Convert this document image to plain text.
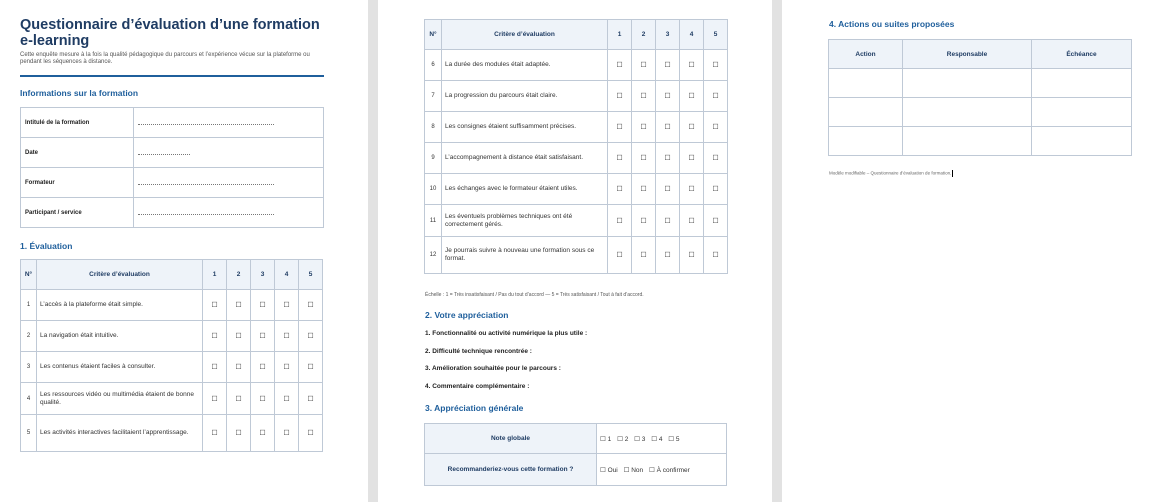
Questionnaire d’évaluation d’une formation e-learning
Cette enquête mesure à la fois la qualité pédagogique du parcours et l’expérience vécue sur la plateforme ou pendant les séquences à distance.
Informations sur la formation
Intitulé de la formation	

Date	

Formateur	

Participant / service	
1. Évaluation
N°	Critère d’évaluation	1	2	3	4	5
1	L’accès à la plateforme était simple.	☐	☐	☐	☐	☐
2	La navigation était intuitive.	☐	☐	☐	☐	☐
3	Les contenus étaient faciles à consulter.	☐	☐	☐	☐	☐
4	Les ressources vidéo ou multimédia étaient de bonne qualité.	☐	☐	☐	☐	☐
5	Les activités interactives facilitaient l’apprentissage.	☐	☐	☐	☐	☐
N°	Critère d’évaluation	1	2	3	4	5
6	La durée des modules était adaptée.	☐	☐	☐	☐	☐
7	La progression du parcours était claire.	☐	☐	☐	☐	☐
8	Les consignes étaient suffisamment précises.	☐	☐	☐	☐	☐
9	L’accompagnement à distance était satisfaisant.	☐	☐	☐	☐	☐
10	Les échanges avec le formateur étaient utiles.	☐	☐	☐	☐	☐
11	Les éventuels problèmes techniques ont été correctement gérés.	☐	☐	☐	☐	☐
12	Je pourrais suivre à nouveau une formation sous ce format.	☐	☐	☐	☐	☐
Échelle : 1 = Très insatisfaisant / Pas du tout d’accord — 5 = Très satisfaisant / Tout à fait d’accord.
2. Votre appréciation
1. Fonctionnalité ou activité numérique la plus utile :
2. Difficulté technique rencontrée :
3. Amélioration souhaitée pour le parcours :
4. Commentaire complémentaire :
3. Appréciation générale
Note globale	☐ 1 ☐ 2 ☐ 3 ☐ 4 ☐ 5
Recommanderiez-vous cette formation ?	☐ Oui ☐ Non ☐ À confirmer
4. Actions ou suites proposées
Action	Responsable	Échéance

Modèle modifiable – Questionnaire d’évaluation de formation.
